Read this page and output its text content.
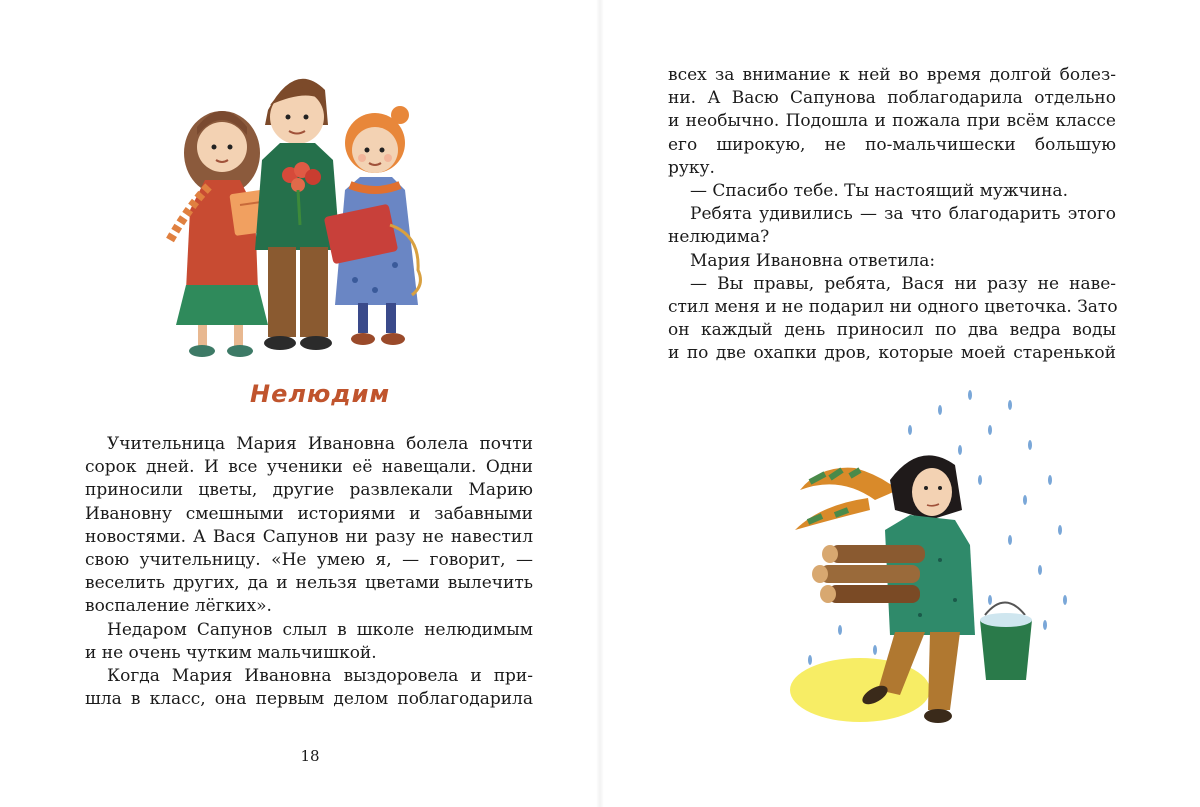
Нелюдим

Учительница Мария Ивановна болела почти
сорок дней. И все ученики её навещали. Одни
приносили цветы, другие развлекали Марию
Ивановну смешными историями и забавными
новостями. А Вася Сапунов ни разу не навестил
свою учительницу. «Не умею я, — говорит, —
веселить других, да и нельзя цветами вылечить
воспаление лёгких».

Недаром Сапунов слыл в школе нелюдимым
и не очень чутким мальчишкой.

Когда Мария Ивановна выздоровела и при-
шла в класс, она первым делом поблагодарила

18

всех за внимание к ней во время долгой болез-
ни. А Васю Сапунова поблагодарила отдельно
и необычно. Подошла и пожала при всём классе
его широкую, не по-мальчишески большую
руку.

— Спасибо тебе. Ты настоящий мужчина.

Ребята удивились — за что благодарить этого
нелюдима?

Мария Ивановна ответила:

— Вы правы, ребята, Вася ни разу не наве-
стил меня и не подарил ни одного цветочка. Зато
он каждый день приносил по два ведра воды
и по две охапки дров, которые моей старенькой
